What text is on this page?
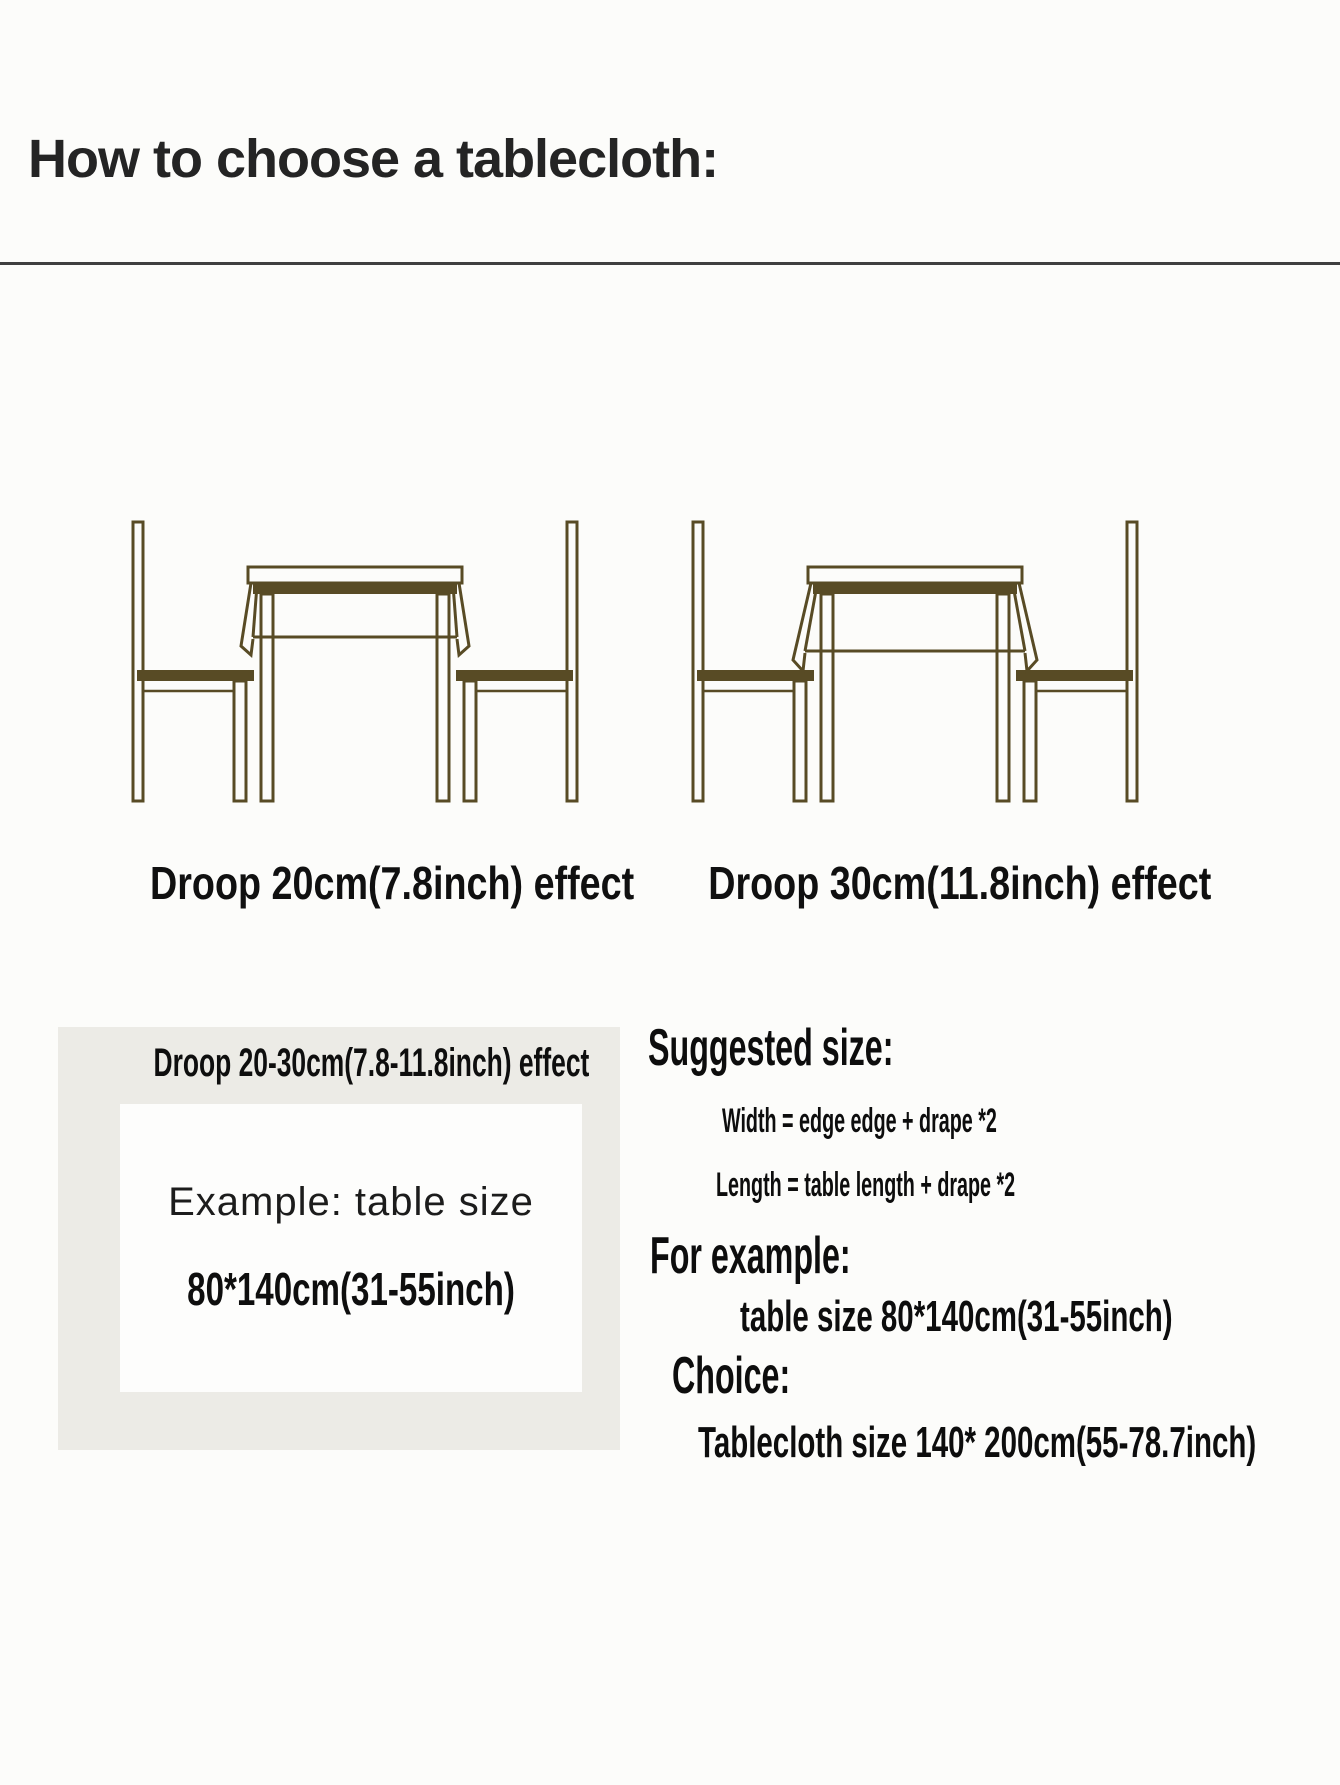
How to choose a tablecloth:
Droop 20cm(7.8inch) effect Droop 30cm(11.8inch) effect
Droop 20-30cm(7.8-11.8inch) effect
Example: table size
80*140cm(31-55inch)
Suggested size:
Width = edge edge + drape *2
Length = table length + drape *2
For example:
table size 80*140cm(31-55inch)
Choice:
Tablecloth size 140* 200cm(55-78.7inch)
